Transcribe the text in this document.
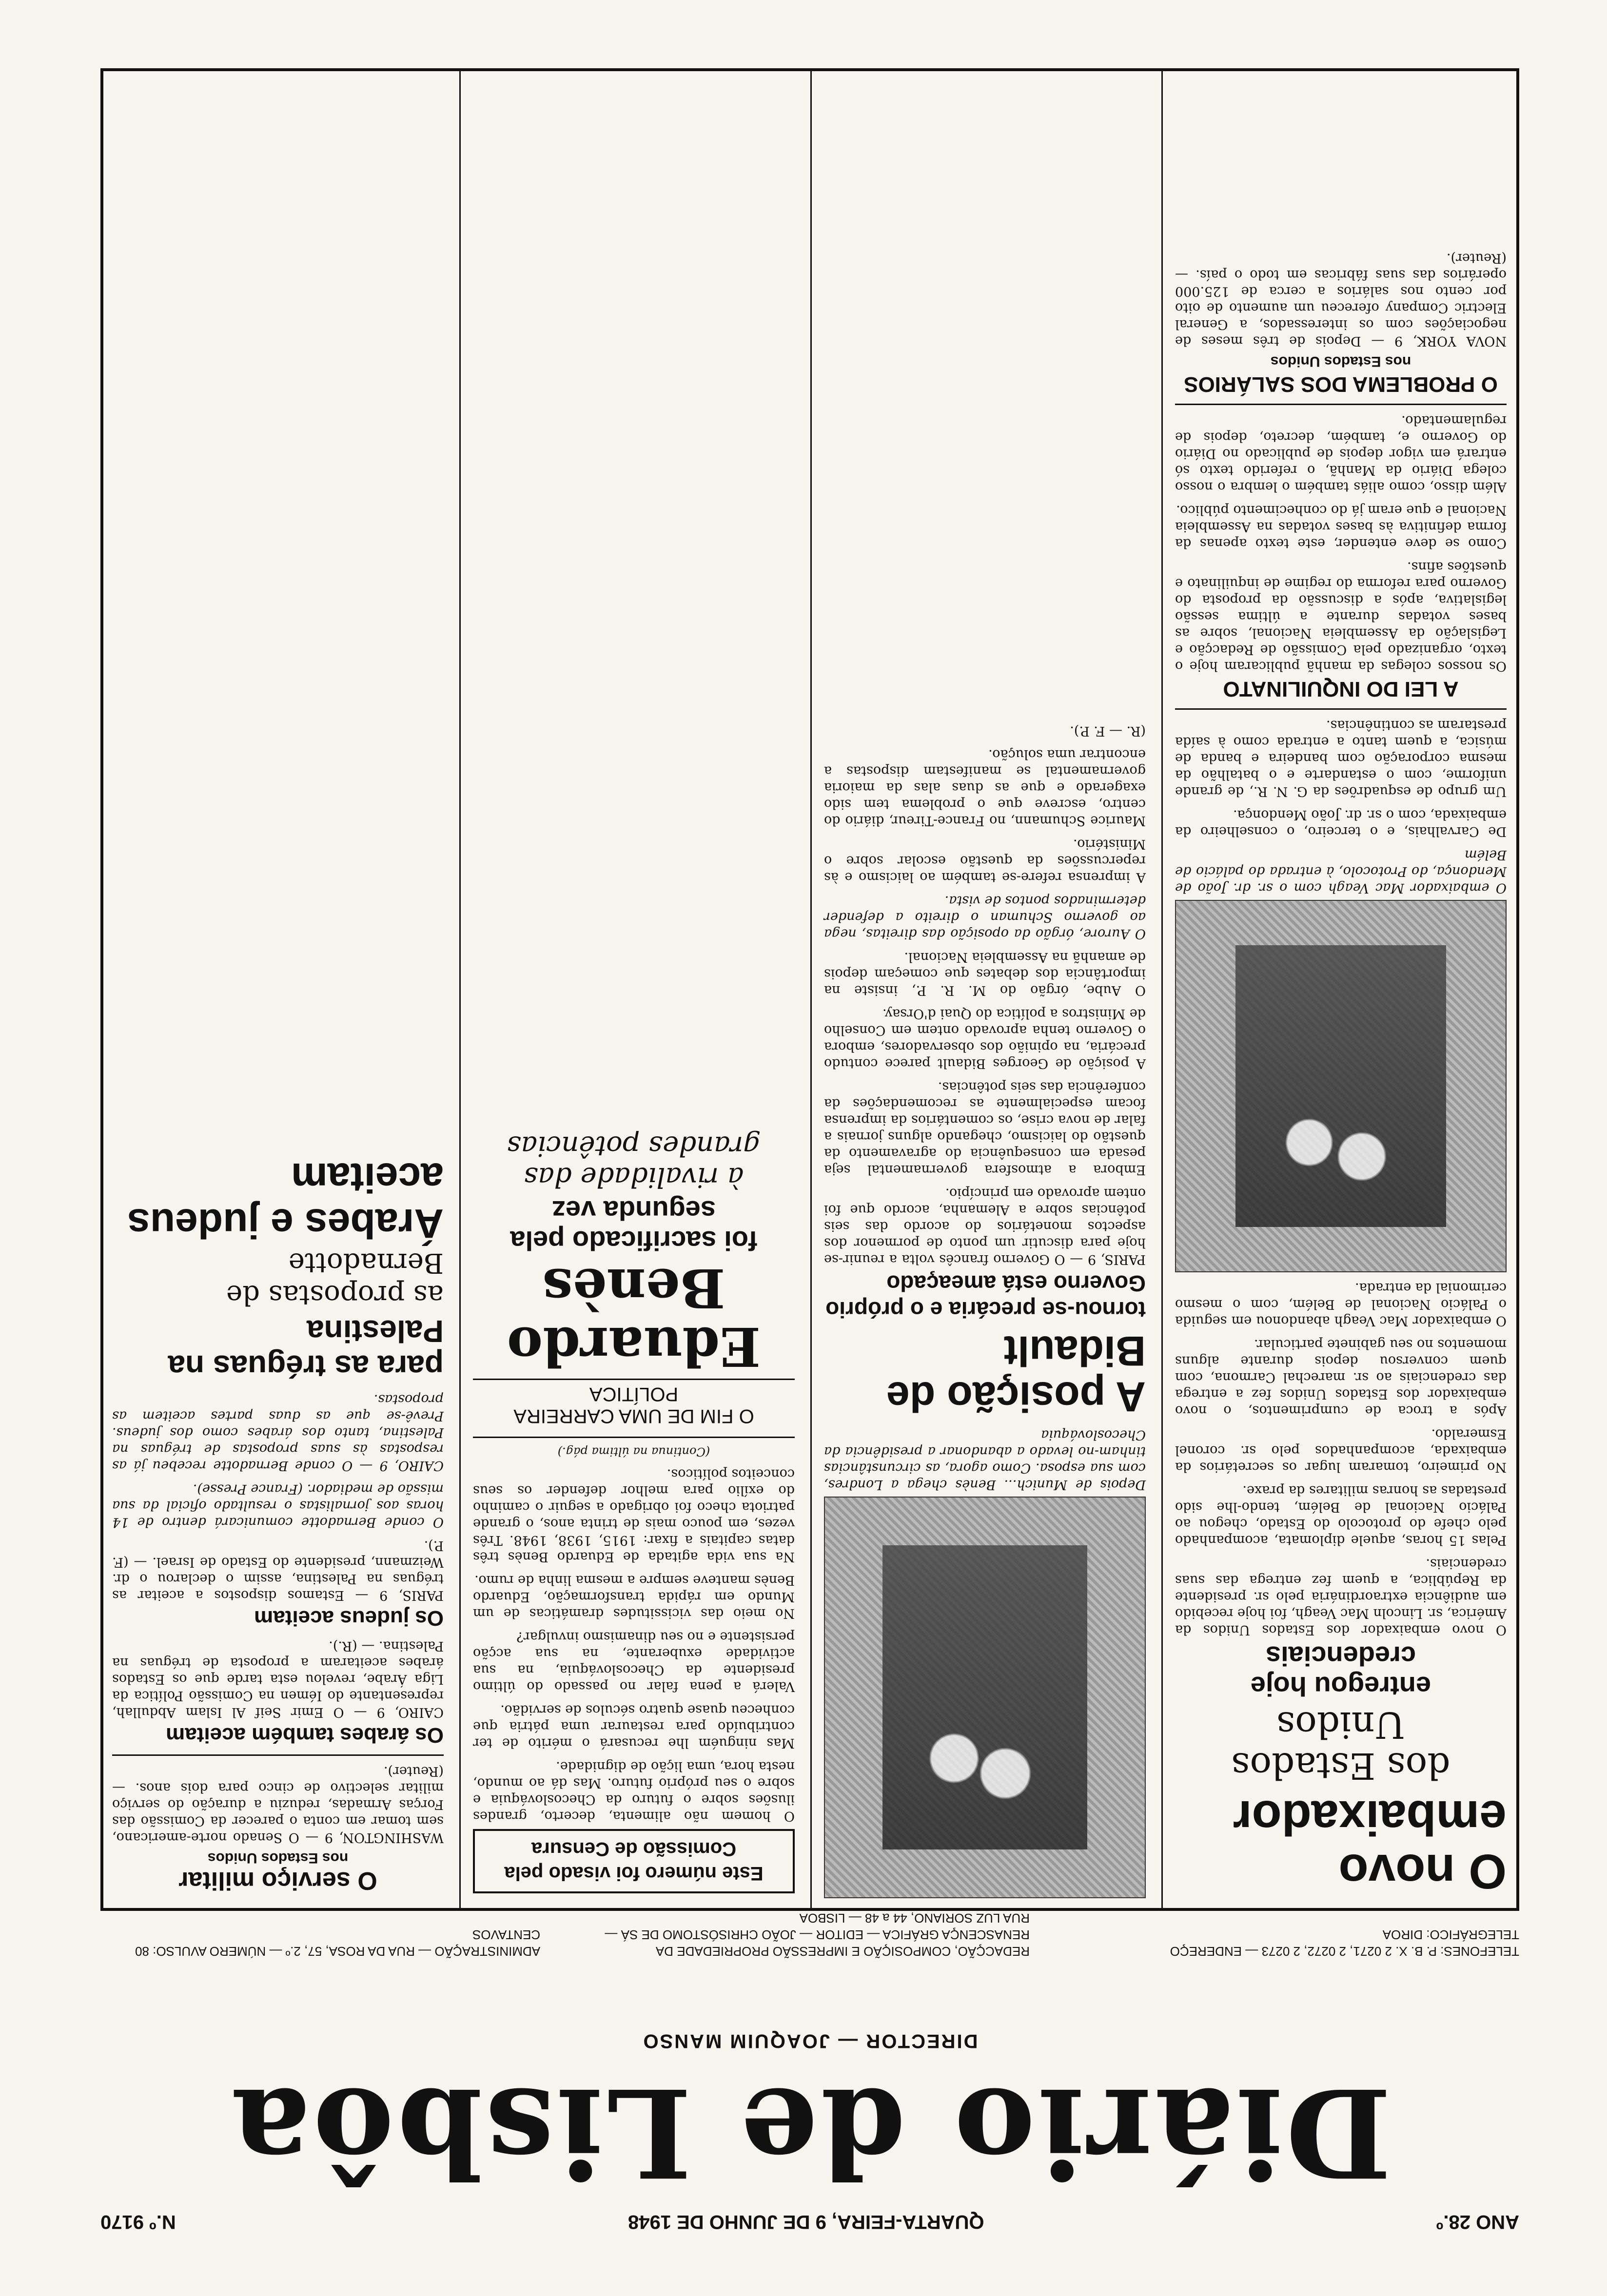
ANO 28.º
QUARTA-FEIRA, 9 DE JUNHO DE 1948
N.º 9170
Diário de Lisbôa
DIRECTOR — JOAQUIM MANSO
TELEFONES: P. B. X. 2 0271, 2 0272, 2 0273 — ENDEREÇO TELEGRÁFICO: DIROA
REDACÇÃO, COMPOSIÇÃO E IMPRESSÃO PROPRIEDADE DA RENASCENÇA GRÁFICA — EDITOR — JOÃO CHRISÓSTOMO DE SÁ — RUA LUZ SORIANO, 44 a 48 — LISBOA
ADMINISTRAÇÃO — RUA DA ROSA, 57, 2.º — NÚMERO AVULSO: 80 CENTAVOS
O novo embaixador
dos Estados Unidos
entregou hoje credenciais

O novo embaixador dos Estados Unidos da América, sr. Lincoln Mac Veagh, foi hoje recebido em audiência extraordinária pelo sr. presidente da República, a quem fez entrega das suas credenciais.

Pelas 15 horas, aquele diplomata, acompanhado pelo chefe do protocolo do Estado, chegou ao Palácio Nacional de Belém, tendo-lhe sido prestadas as honras militares da praxe.

No primeiro, tomaram lugar os secretários da embaixada, acompanhados pelo sr. coronel Esmeraldo.

Após a troca de cumprimentos, o novo embaixador dos Estados Unidos fez a entrega das credenciais ao sr. marechal Carmona, com quem conversou depois durante alguns momentos no seu gabinete particular.

O embaixador Mac Veagh abandonou em seguida o Palácio Nacional de Belém, com o mesmo cerimonial da entrada.

O embaixador Mac Veagh com o sr. dr. João de Mendonça, do Protocolo, à entrada do palácio de Belém

De Carvalhais, e o terceiro, o conselheiro da embaixada, com o sr. dr. João Mendonça.

Um grupo de esquadrões da G. N. R., de grande uniforme, com o estandarte e o batalhão da mesma corporação com bandeira e banda de música, a quem tanto a entrada como à saída prestaram as continências.

A LEI DO INQUILINATO

Os nossos colegas da manhã publicaram hoje o texto, organizado pela Comissão de Redacção e Legislação da Assembleia Nacional, sobre as bases votadas durante a última sessão legislativa, após a discussão da proposta do Governo para reforma do regime de inquilinato e questões afins.

Como se deve entender, este texto apenas da forma definitiva às bases votadas na Assembleia Nacional e que eram já do conhecimento público.

Além disso, como aliás também o lembra o nosso colega Diário da Manhã, o referido texto só entrará em vigor depois de publicado no Diário do Governo e, também, decreto, depois de regulamentado.

O PROBLEMA DOS SALÁRIOS

nos Estados Unidos

NOVA YORK, 9 — Depois de três meses de negociações com os interessados, a General Electric Company ofereceu um aumento de oito por cento nos salários a cerca de 125.000 operários das suas fábricas em todo o país. — (Reuter).

Depois de Munich... Benès chega a Londres, com sua esposa. Como agora, as circunstâncias tinham-no levado a abandonar a presidência da Checoslováquia

A posição de Bidault
tornou-se precária e o próprio Governo está ameaçado

PARIS, 9 — O Governo francês volta a reunir-se hoje para discutir um ponto de pormenor dos aspectos monetários do acordo das seis potências sobre a Alemanha, acordo que foi ontem aprovado em princípio.

Embora a atmosfera governamental seja pesada em consequência do agravamento da questão do laicismo, chegando alguns jornais a falar de nova crise, os comentários da imprensa focam especialmente as recomendações da conferência das seis potências.

A posição de Georges Bidault parece contudo precária, na opinião dos observadores, embora o Governo tenha aprovado ontem em Conselho de Ministros a política do Quai d'Orsay.

O Aube, órgão do M. R. P., insiste na importância dos debates que começam depois de amanhã na Assembleia Nacional.

O Aurore, órgão da oposição das direitas, nega ao governo Schuman o direito a defender determinados pontos de vista.

A imprensa refere-se também ao laicismo e às repercussões da questão escolar sobre o Ministério.

Maurice Schumann, no France-Tireur, diário do centro, escreve que o problema tem sido exagerado e que as duas alas da maioria governamental se manifestam dispostas a encontrar uma solução.

(R. — F. P.).

Este número foi visado pela Comissão de Censura

O homem não alimenta, decerto, grandes ilusões sobre o futuro da Checoslováquia e sobre o seu próprio futuro. Mas dá ao mundo, nesta hora, uma lição de dignidade.

Mas ninguém lhe recusará o mérito de ter contribuído para restaurar uma pátria que conheceu quase quatro séculos de servidão.

Valerá a pena falar no passado do último presidente da Checoslováquia, na sua actividade exuberante, na sua acção persistente e no seu dinamismo invulgar?

No meio das vicissitudes dramáticas de um Mundo em rápida transformação, Eduardo Benès manteve sempre a mesma linha de rumo.

Na sua vida agitada de Eduardo Benès três datas capitais a fixar: 1915, 1938, 1948. Três vezes, em pouco mais de trinta anos, o grande patriota checo foi obrigado a seguir o caminho do exílio para melhor defender os seus conceitos políticos.

(Continua na última pág.)

O FIM DE UMA CARREIRA POLÍTICA

Eduardo Benès
foi sacrificado pela segunda vez
à rivalidade das grandes potências
O serviço militar

nos Estados Unidos

WASHINGTON, 9 — O Senado norte-americano, sem tomar em conta o parecer da Comissão das Forças Armadas, reduziu a duração do serviço militar selectivo de cinco para dois anos. — (Reuter).

Os árabes também aceitam

CAIRO, 9 — O Emir Seif Al Islam Abdullah, representante do Iémen na Comissão Política da Liga Árabe, revelou esta tarde que os Estados árabes aceitaram a proposta de tréguas na Palestina. — (R.).

Os judeus aceitam

PARIS, 9 — Estamos dispostos a aceitar as tréguas na Palestina, assim o declarou o dr. Weizmann, presidente do Estado de Israel. — (F. P.).

O conde Bernadotte comunicará dentro de 14 horas aos jornalistas o resultado oficial da sua missão de mediador. (France Presse).

CAIRO, 9 — O conde Bernadotte recebeu já as respostas às suas propostas de tréguas na Palestina, tanto dos árabes como dos judeus. Prevê-se que as duas partes aceitem as propostas.

para as tréguas na Palestina
as propostas de Bernadotte
Árabes e judeus aceitam
